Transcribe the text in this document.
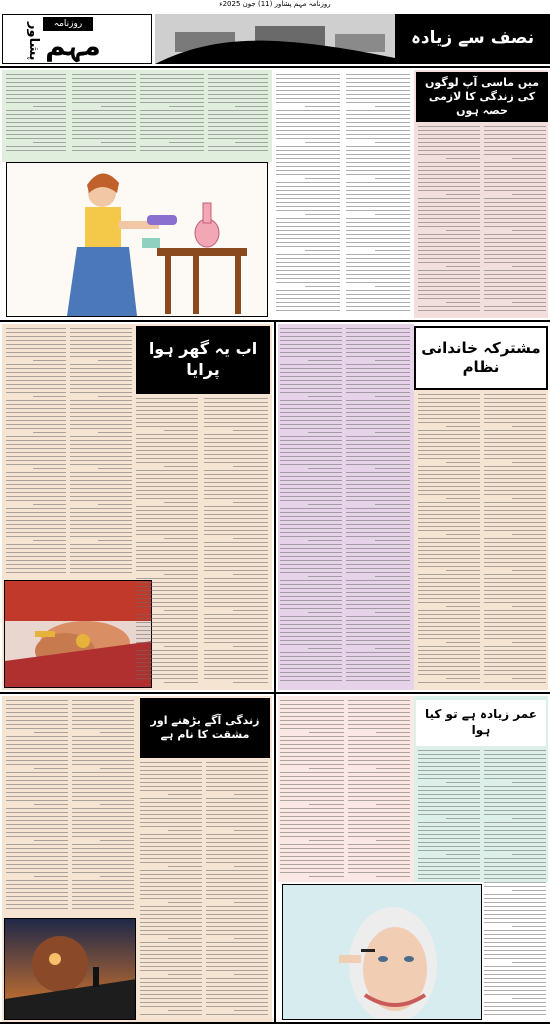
روزنامہ مہم پشاور (11) جون 2025ء
روزنامہ
مہم
پشاور	نصف سے زیادہ
میں ماسی آپ لوگوں کی زندگی کا لازمی حصہ ہوں
اب یہ گھر ہوا پرایا
مشترکہ خاندانی نظام
زندگی آگے بڑھنے اور مشقت کا نام ہے
عمر زیادہ ہے تو کیا ہوا
